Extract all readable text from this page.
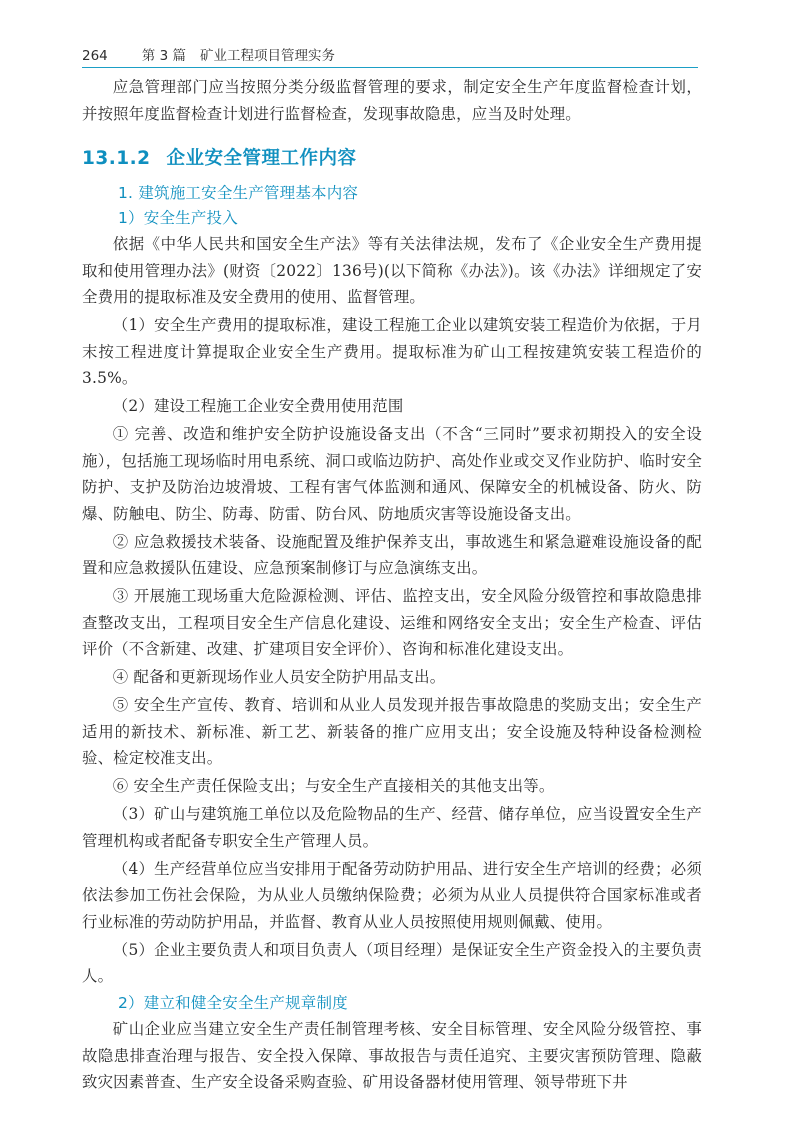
264	第 3 篇 矿业工程项目管理实务

应急管理部门应当按照分类分级监督管理的要求，制定安全生产年度监督检查计划，并按照年度监督检查计划进行监督检查，发现事故隐患，应当及时处理。

13.1.2 企业安全管理工作内容
1. 建筑施工安全生产管理基本内容
1）安全生产投入

依据《中华人民共和国安全生产法》等有关法律法规，发布了《企业安全生产费用提取和使用管理办法》(财资〔2022〕136号)(以下简称《办法》)。该《办法》详细规定了安全费用的提取标准及安全费用的使用、监督管理。

（1）安全生产费用的提取标准，建设工程施工企业以建筑安装工程造价为依据，于月末按工程进度计算提取企业安全生产费用。提取标准为矿山工程按建筑安装工程造价的 3.5%。

（2）建设工程施工企业安全费用使用范围

① 完善、改造和维护安全防护设施设备支出（不含“三同时”要求初期投入的安全设施），包括施工现场临时用电系统、洞口或临边防护、高处作业或交叉作业防护、临时安全防护、支护及防治边坡滑坡、工程有害气体监测和通风、保障安全的机械设备、防火、防爆、防触电、防尘、防毒、防雷、防台风、防地质灾害等设施设备支出。

② 应急救援技术装备、设施配置及维护保养支出，事故逃生和紧急避难设施设备的配置和应急救援队伍建设、应急预案制修订与应急演练支出。

③ 开展施工现场重大危险源检测、评估、监控支出，安全风险分级管控和事故隐患排查整改支出，工程项目安全生产信息化建设、运维和网络安全支出；安全生产检查、评估评价（不含新建、改建、扩建项目安全评价）、咨询和标准化建设支出。

④ 配备和更新现场作业人员安全防护用品支出。

⑤ 安全生产宣传、教育、培训和从业人员发现并报告事故隐患的奖励支出；安全生产适用的新技术、新标准、新工艺、新装备的推广应用支出；安全设施及特种设备检测检验、检定校准支出。

⑥ 安全生产责任保险支出；与安全生产直接相关的其他支出等。

（3）矿山与建筑施工单位以及危险物品的生产、经营、储存单位，应当设置安全生产管理机构或者配备专职安全生产管理人员。

（4）生产经营单位应当安排用于配备劳动防护用品、进行安全生产培训的经费；必须依法参加工伤社会保险，为从业人员缴纳保险费；必须为从业人员提供符合国家标准或者行业标准的劳动防护用品，并监督、教育从业人员按照使用规则佩戴、使用。

（5）企业主要负责人和项目负责人（项目经理）是保证安全生产资金投入的主要负责人。

2）建立和健全安全生产规章制度

矿山企业应当建立安全生产责任制管理考核、安全目标管理、安全风险分级管控、事故隐患排查治理与报告、安全投入保障、事故报告与责任追究、主要灾害预防管理、隐蔽致灾因素普查、生产安全设备采购查验、矿用设备器材使用管理、领导带班下井
